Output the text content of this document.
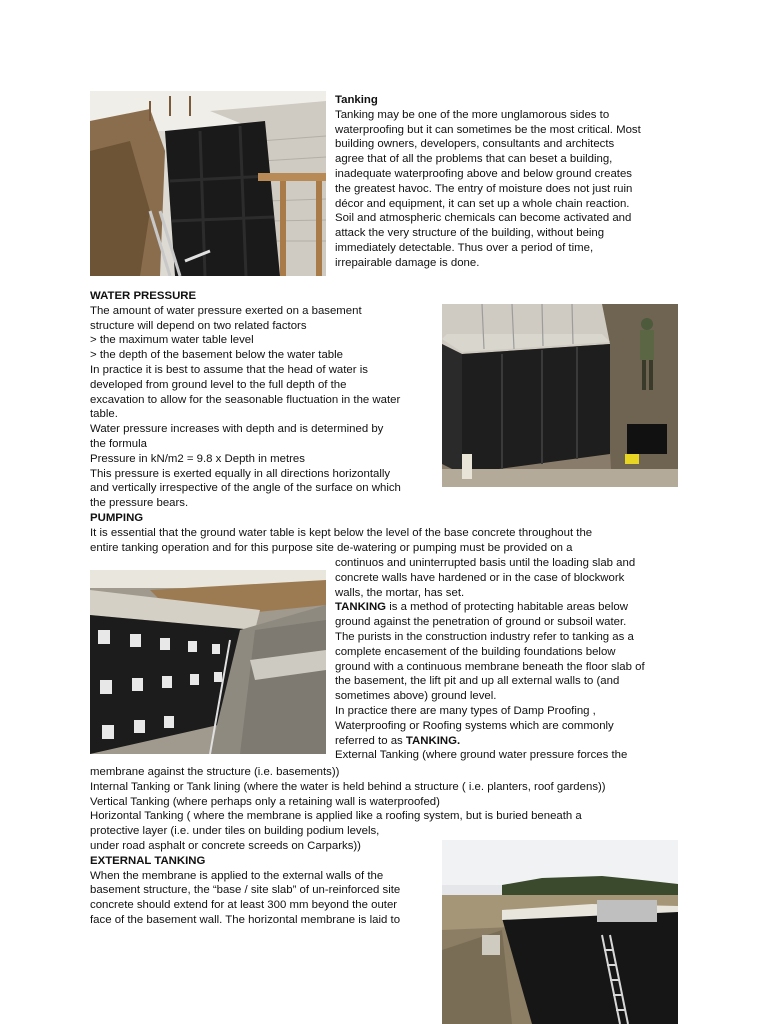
Tanking
Tanking may be one of the more unglamorous sides to
waterproofing but it can sometimes be the most critical. Most
building owners, developers, consultants and architects
agree that of all the problems that can beset a building,
inadequate waterproofing above and below ground creates
the greatest havoc. The entry of moisture does not just ruin
décor and equipment, it can set up a whole chain reaction.
Soil and atmospheric chemicals can become activated and
attack the very structure of the building, without being
immediately detectable. Thus over a period of time,
irrepairable damage is done.
WATER PRESSURE
The amount of water pressure exerted on a basement
structure will depend on two related factors
> the maximum water table level
> the depth of the basement below the water table
In practice it is best to assume that the head of water is
developed from ground level to the full depth of the
excavation to allow for the seasonable fluctuation in the water
table.
Water pressure increases with depth and is determined by
the formula
Pressure in kN/m2 = 9.8 x Depth in metres
This pressure is exerted equally in all directions horizontally
and vertically irrespective of the angle of the surface on which
the pressure bears.
PUMPING
It is essential that the ground water table is kept below the level of the base concrete throughout the
entire tanking operation and for this purpose site de-watering or pumping must be provided on a
continuos and uninterrupted basis until the loading slab and
concrete walls have hardened or in the case of blockwork
walls, the mortar, has set.
TANKING is a method of protecting habitable areas below
ground against the penetration of ground or subsoil water.
The purists in the construction industry refer to tanking as a
complete encasement of the building foundations below
ground with a continuous membrane beneath the floor slab of
the basement, the lift pit and up all external walls to (and
sometimes above) ground level.
In practice there are many types of Damp Proofing ,
Waterproofing or Roofing systems which are commonly
referred to as TANKING.
External Tanking (where ground water pressure forces the
membrane against the structure (i.e. basements))
Internal Tanking or Tank lining (where the water is held behind a structure ( i.e. planters, roof gardens))
Vertical Tanking (where perhaps only a retaining wall is waterproofed)
Horizontal Tanking ( where the membrane is applied like a roofing system, but is buried beneath a
protective layer (i.e. under tiles on building podium levels,
under road asphalt or concrete screeds on Carparks))
EXTERNAL TANKING
When the membrane is applied to the external walls of the
basement structure, the “base / site slab” of un-reinforced site
concrete should extend for at least 300 mm beyond the outer
face of the basement wall. The horizontal membrane is laid to
